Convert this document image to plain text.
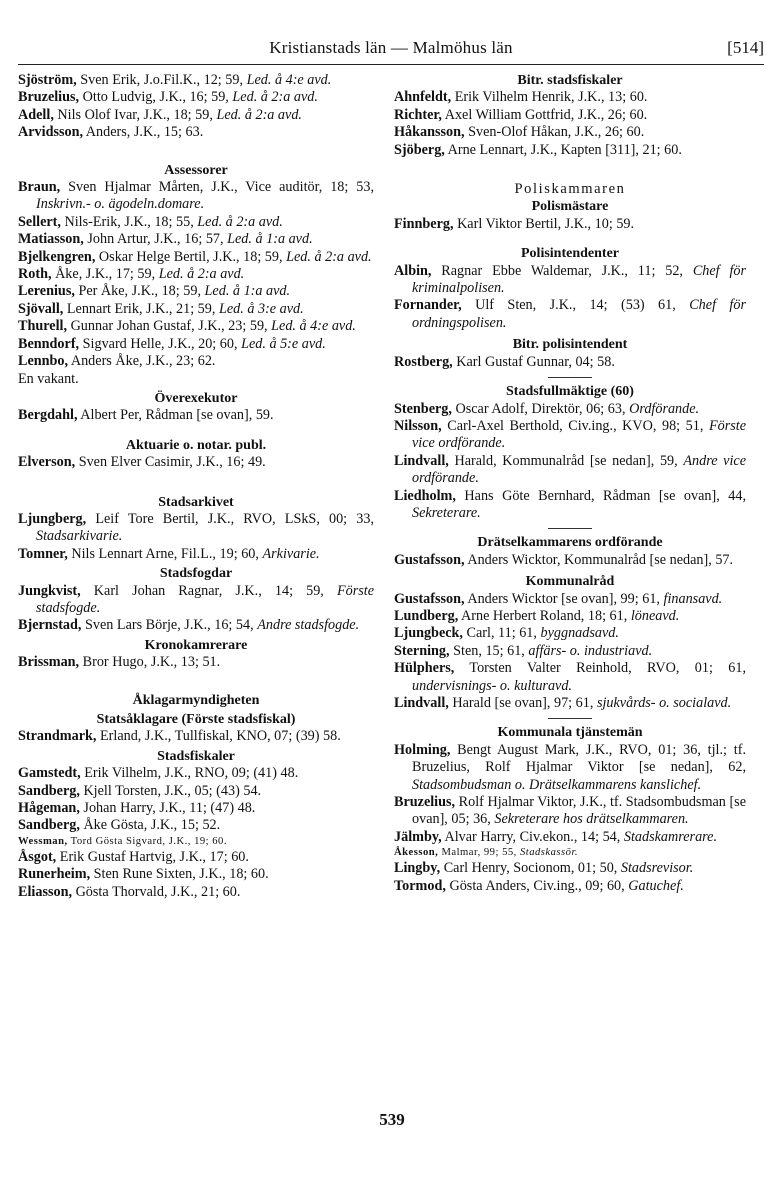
Kristianstads län — Malmöhus län	[514]
Sjöström, Sven Erik, J.o.Fil.K., 12; 59, Led. å 4:e avd.
Bruzelius, Otto Ludvig, J.K., 16; 59, Led. å 2:a avd.
Adell, Nils Olof Ivar, J.K., 18; 59, Led. å 2:a avd.
Arvidsson, Anders, J.K., 15; 63.
Assessorer
Braun, Sven Hjalmar Mårten, J.K., Vice auditör, 18; 53, Inskrivn.- o. ägodeln.domare.
Sellert, Nils-Erik, J.K., 18; 55, Led. å 2:a avd.
Matiasson, John Artur, J.K., 16; 57, Led. å 1:a avd.
Bjelkengren, Oskar Helge Bertil, J.K., 18; 59, Led. å 2:a avd.
Roth, Åke, J.K., 17; 59, Led. å 2:a avd.
Lerenius, Per Åke, J.K., 18; 59, Led. å 1:a avd.
Sjövall, Lennart Erik, J.K., 21; 59, Led. å 3:e avd.
Thurell, Gunnar Johan Gustaf, J.K., 23; 59, Led. å 4:e avd.
Benndorf, Sigvard Helle, J.K., 20; 60, Led. å 5:e avd.
Lennbo, Anders Åke, J.K., 23; 62.
En vakant.
Överexekutor
Bergdahl, Albert Per, Rådman [se ovan], 59.
Aktuarie o. notar. publ.
Elverson, Sven Elver Casimir, J.K., 16; 49.
Stadsarkivet
Ljungberg, Leif Tore Bertil, J.K., RVO, LSkS, 00; 33, Stadsarkivarie.
Tomner, Nils Lennart Arne, Fil.L., 19; 60, Arkivarie.
Stadsfogdar
Jungkvist, Karl Johan Ragnar, J.K., 14; 59, Förste stadsfogde.
Bjernstad, Sven Lars Börje, J.K., 16; 54, Andre stadsfogde.
Kronokamrerare
Brissman, Bror Hugo, J.K., 13; 51.
Åklagarmyndigheten
Statsåklagare (Förste stadsfiskal)
Strandmark, Erland, J.K., Tullfiskal, KNO, 07; (39) 58.
Stadsfiskaler
Gamstedt, Erik Vilhelm, J.K., RNO, 09; (41) 48.
Sandberg, Kjell Torsten, J.K., 05; (43) 54.
Hågeman, Johan Harry, J.K., 11; (47) 48.
Sandberg, Åke Gösta, J.K., 15; 52.
Wessman, Tord Gösta Sigvard, J.K., 19; 60.
Åsgot, Erik Gustaf Hartvig, J.K., 17; 60.
Runerheim, Sten Rune Sixten, J.K., 18; 60.
Eliasson, Gösta Thorvald, J.K., 21; 60.
Bitr. stadsfiskaler
Ahnfeldt, Erik Vilhelm Henrik, J.K., 13; 60.
Richter, Axel William Gottfrid, J.K., 26; 60.
Håkansson, Sven-Olof Håkan, J.K., 26; 60.
Sjöberg, Arne Lennart, J.K., Kapten [311], 21; 60.
Poliskammaren
Polismästare
Finnberg, Karl Viktor Bertil, J.K., 10; 59.
Polisintendenter
Albin, Ragnar Ebbe Waldemar, J.K., 11; 52, Chef för kriminalpolisen.
Fornander, Ulf Sten, J.K., 14; (53) 61, Chef för ordningspolisen.
Bitr. polisintendent
Rostberg, Karl Gustaf Gunnar, 04; 58.
Stadsfullmäktige (60)
Stenberg, Oscar Adolf, Direktör, 06; 63, Ordförande.
Nilsson, Carl-Axel Berthold, Civ.ing., KVO, 98; 51, Förste vice ordförande.
Lindvall, Harald, Kommunalråd [se nedan], 59, Andre vice ordförande.
Liedholm, Hans Göte Bernhard, Rådman [se ovan], 44, Sekreterare.
Drätselkammarens ordförande
Gustafsson, Anders Wicktor, Kommunalråd [se nedan], 57.
Kommunalråd
Gustafsson, Anders Wicktor [se ovan], 99; 61, finansavd.
Lundberg, Arne Herbert Roland, 18; 61, löneavd.
Ljungbeck, Carl, 11; 61, byggnadsavd.
Sterning, Sten, 15; 61, affärs- o. industriavd.
Hülphers, Torsten Valter Reinhold, RVO, 01; 61, undervisnings- o. kulturavd.
Lindvall, Harald [se ovan], 97; 61, sjukvårds- o. socialavd.
Kommunala tjänstemän
Holming, Bengt August Mark, J.K., RVO, 01; 36, tjl.; tf. Bruzelius, Rolf Hjalmar Viktor [se nedan], 62, Stadsombudsman o. Drätselkammarens kanslichef.
Bruzelius, Rolf Hjalmar Viktor, J.K., tf. Stadsombudsman [se ovan], 05; 36, Sekreterare hos drätselkammaren.
Jälmby, Alvar Harry, Civ.ekon., 14; 54, Stadskamrerare.
Åkesson, Malmar, 99; 55, Stadskassör.
Lingby, Carl Henry, Socionom, 01; 50, Stadsrevisor.
Tormod, Gösta Anders, Civ.ing., 09; 60, Gatuchef.
539
